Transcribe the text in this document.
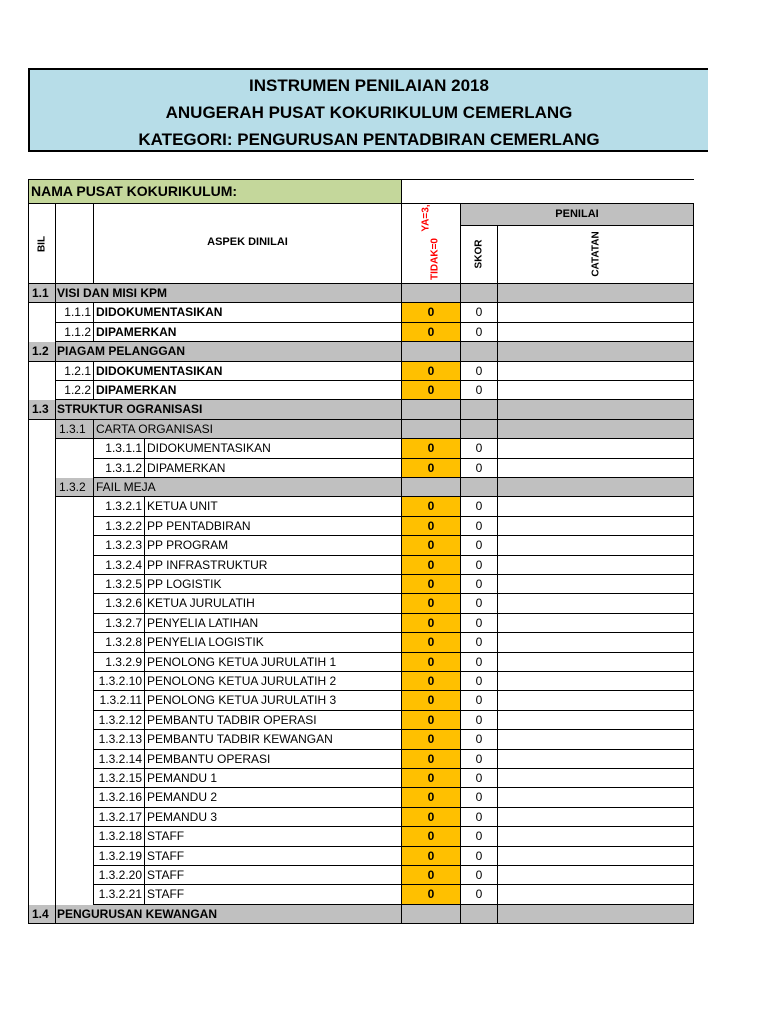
INSTRUMEN PENILAIAN 2018
ANUGERAH PUSAT KOKURIKULUM CEMERLANG
KATEGORI: PENGURUSAN PENTADBIRAN CEMERLANG
NAMA PUSAT KOKURIKULUM:
BIL	ASPEK DINILAI
YA=3,
TIDAK=0
PENILAI
SKOR	CATATAN
1.1 VISI DAN MISI KPM
1.1.1 DIDOKUMENTASIKAN	0	0
1.1.2 DIPAMERKAN	0	0
1.2 PIAGAM PELANGGAN
1.2.1 DIDOKUMENTASIKAN	0	0
1.2.2 DIPAMERKAN	0	0
1.3 STRUKTUR OGRANISASI
1.3.1 CARTA ORGANISASI
1.3.1.1 DIDOKUMENTASIKAN	0	0
1.3.1.2 DIPAMERKAN	0	0
1.3.2 FAIL MEJA
1.3.2.1 KETUA UNIT	0	0
1.3.2.2 PP PENTADBIRAN	0	0
1.3.2.3 PP PROGRAM	0	0
1.3.2.4 PP INFRASTRUKTUR	0	0
1.3.2.5 PP LOGISTIK	0	0
1.3.2.6 KETUA JURULATIH	0	0
1.3.2.7 PENYELIA LATIHAN	0	0
1.3.2.8 PENYELIA LOGISTIK	0	0
1.3.2.9 PENOLONG KETUA JURULATIH 1	0	0
1.3.2.10 PENOLONG KETUA JURULATIH 2	0	0
1.3.2.11 PENOLONG KETUA JURULATIH 3	0	0
1.3.2.12 PEMBANTU TADBIR OPERASI	0	0
1.3.2.13 PEMBANTU TADBIR KEWANGAN	0	0
1.3.2.14 PEMBANTU OPERASI	0	0
1.3.2.15 PEMANDU 1	0	0
1.3.2.16 PEMANDU 2	0	0
1.3.2.17 PEMANDU 3	0	0
1.3.2.18 STAFF	0	0
1.3.2.19 STAFF	0	0
1.3.2.20 STAFF	0	0
1.3.2.21 STAFF	0	0
1.4 PENGURUSAN KEWANGAN
